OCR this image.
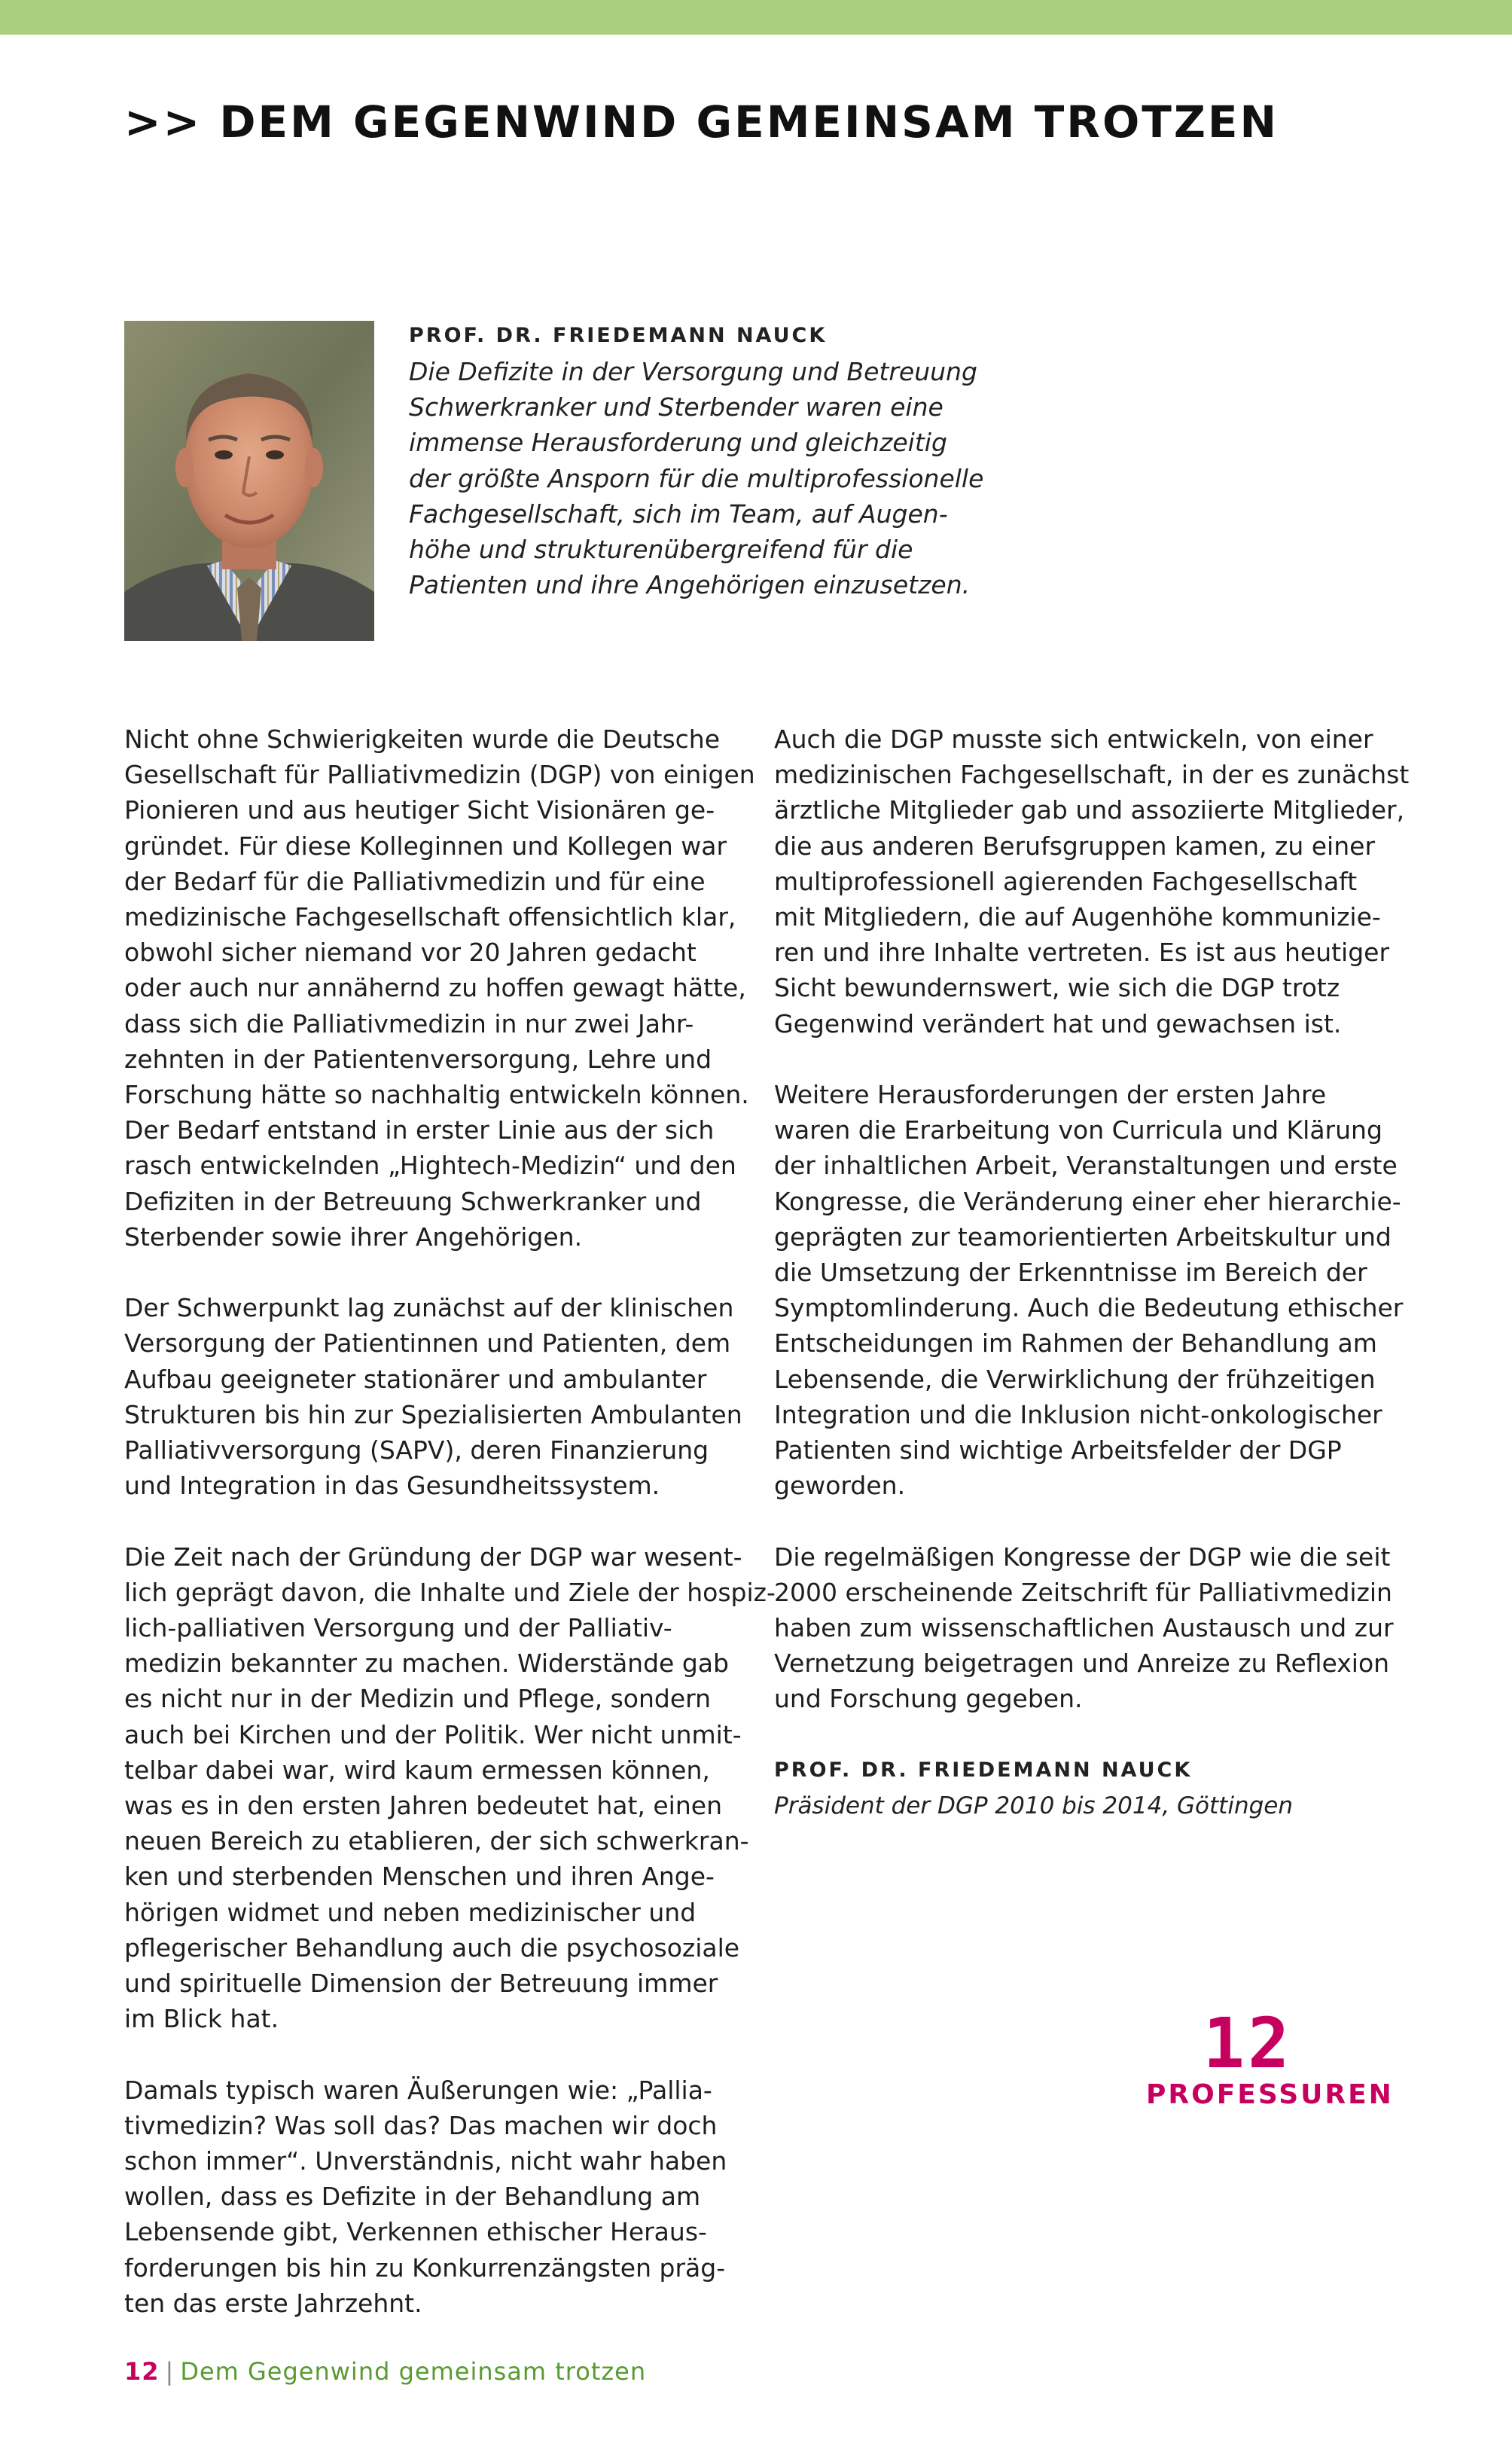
>> DEM GEGENWIND GEMEINSAM TROTZEN
PROF. DR. FRIEDEMANN NAUCK
Die Defizite in der Versorgung und Betreuung
Schwerkranker und Sterbender waren eine
immense Herausforderung und gleichzeitig
der größte Ansporn für die multiprofessionelle
Fachgesellschaft, sich im Team, auf Augen-
höhe und strukturenübergreifend für die
Patienten und ihre Angehörigen einzusetzen.
Nicht ohne Schwierigkeiten wurde die Deutsche
Gesellschaft für Palliativmedizin (DGP) von einigen
Pionieren und aus heutiger Sicht Visionären ge-
gründet. Für diese Kolleginnen und Kollegen war
der Bedarf für die Palliativmedizin und für eine
medizinische Fachgesellschaft offensichtlich klar,
obwohl sicher niemand vor 20 Jahren gedacht
oder auch nur annähernd zu hoffen gewagt hätte,
dass sich die Palliativmedizin in nur zwei Jahr-
zehnten in der Patientenversorgung, Lehre und
Forschung hätte so nachhaltig entwickeln können.
Der Bedarf entstand in erster Linie aus der sich
rasch entwickelnden „Hightech-Medizin“ und den
Defiziten in der Betreuung Schwerkranker und
Sterbender sowie ihrer Angehörigen.
Der Schwerpunkt lag zunächst auf der klinischen
Versorgung der Patientinnen und Patienten, dem
Aufbau geeigneter stationärer und ambulanter
Strukturen bis hin zur Spezialisierten Ambulanten
Palliativversorgung (SAPV), deren Finanzierung
und Integration in das Gesundheitssystem.
Die Zeit nach der Gründung der DGP war wesent-
lich geprägt davon, die Inhalte und Ziele der hospiz-
lich-palliativen Versorgung und der Palliativ-
medizin bekannter zu machen. Widerstände gab
es nicht nur in der Medizin und Pflege, sondern
auch bei Kirchen und der Politik. Wer nicht unmit-
telbar dabei war, wird kaum ermessen können,
was es in den ersten Jahren bedeutet hat, einen
neuen Bereich zu etablieren, der sich schwerkran-
ken und sterbenden Menschen und ihren Ange-
hörigen widmet und neben medizinischer und
pflegerischer Behandlung auch die psychosoziale
und spirituelle Dimension der Betreuung immer
im Blick hat.
Damals typisch waren Äußerungen wie: „Pallia-
tivmedizin? Was soll das? Das machen wir doch
schon immer“. Unverständnis, nicht wahr haben
wollen, dass es Defizite in der Behandlung am
Lebensende gibt, Verkennen ethischer Heraus-
forderungen bis hin zu Konkurrenzängsten präg-
ten das erste Jahrzehnt.
Auch die DGP musste sich entwickeln, von einer
medizinischen Fachgesellschaft, in der es zunächst
ärztliche Mitglieder gab und assoziierte Mitglieder,
die aus anderen Berufsgruppen kamen, zu einer
multiprofessionell agierenden Fachgesellschaft
mit Mitgliedern, die auf Augenhöhe kommunizie-
ren und ihre Inhalte vertreten. Es ist aus heutiger
Sicht bewundernswert, wie sich die DGP trotz
Gegenwind verändert hat und gewachsen ist.
Weitere Herausforderungen der ersten Jahre
waren die Erarbeitung von Curricula und Klärung
der inhaltlichen Arbeit, Veranstaltungen und erste
Kongresse, die Veränderung einer eher hierarchie-
geprägten zur teamorientierten Arbeitskultur und
die Umsetzung der Erkenntnisse im Bereich der
Symptomlinderung. Auch die Bedeutung ethischer
Entscheidungen im Rahmen der Behandlung am
Lebensende, die Verwirklichung der frühzeitigen
Integration und die Inklusion nicht-onkologischer
Patienten sind wichtige Arbeitsfelder der DGP
geworden.
Die regelmäßigen Kongresse der DGP wie die seit
2000 erscheinende Zeitschrift für Palliativmedizin
haben zum wissenschaftlichen Austausch und zur
Vernetzung beigetragen und Anreize zu Reflexion
und Forschung gegeben.
PROF. DR. FRIEDEMANN NAUCK
Präsident der DGP 2010 bis 2014, Göttingen
12
PROFESSUREN
12 | Dem Gegenwind gemeinsam trotzen
